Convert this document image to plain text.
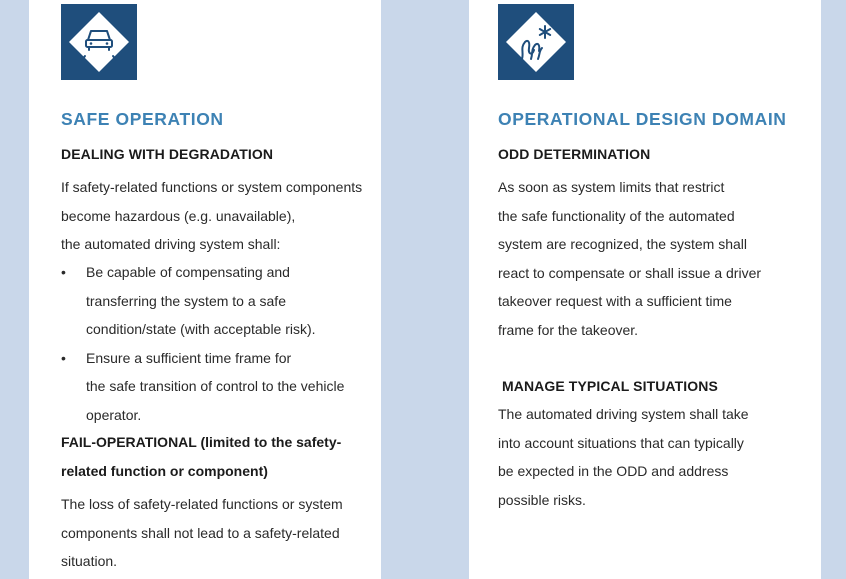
SAFE OPERATION
DEALING WITH DEGRADATION
If safety-related functions or system components
become hazardous (e.g. unavailable),
the automated driving system shall:
•	Be capable of compensating and
transferring the system to a safe
condition/state (with acceptable risk).
•	Ensure a sufficient time frame for
the safe transition of control to the vehicle
operator.
FAIL-OPERATIONAL (limited to the safety-
related function or component)
The loss of safety-related functions or system
components shall not lead to a safety-related
situation.
OPERATIONAL DESIGN DOMAIN
ODD DETERMINATION
As soon as system limits that restrict
the safe functionality of the automated
system are recognized, the system shall
react to compensate or shall issue a driver
takeover request with a sufficient time
frame for the takeover.
MANAGE TYPICAL SITUATIONS
The automated driving system shall take
into account situations that can typically
be expected in the ODD and address
possible risks.
